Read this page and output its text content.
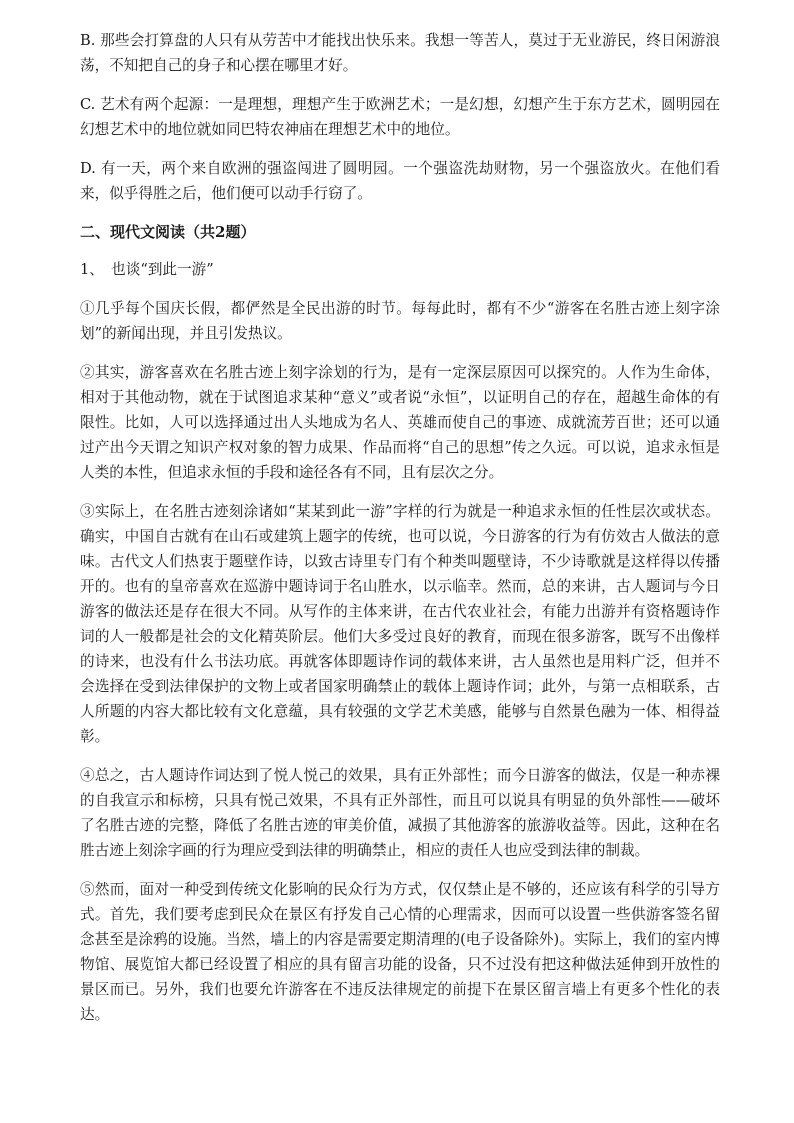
B. 那些会打算盘的人只有从劳苦中才能找出快乐来。我想一等苦人，莫过于无业游民，终日闲游浪荡，不知把自己的身子和心摆在哪里才好。

C. 艺术有两个起源：一是理想，理想产生于欧洲艺术；一是幻想，幻想产生于东方艺术，圆明园在幻想艺术中的地位就如同巴特农神庙在理想艺术中的地位。

D. 有一天，两个来自欧洲的强盗闯进了圆明园。一个强盗洗劫财物，另一个强盗放火。在他们看来，似乎得胜之后，他们便可以动手行窃了。

二、现代文阅读（共2题）

1、　也谈“到此一游”

①几乎每个国庆长假，都俨然是全民出游的时节。每每此时，都有不少“游客在名胜古迹上刻字涂划”的新闻出现，并且引发热议。

②其实，游客喜欢在名胜古迹上刻字涂划的行为，是有一定深层原因可以探究的。人作为生命体，相对于其他动物，就在于试图追求某种“意义”或者说“永恒”，以证明自己的存在，超越生命体的有限性。比如，人可以选择通过出人头地成为名人、英雄而使自己的事迹、成就流芳百世；还可以通过产出今天谓之知识产权对象的智力成果、作品而将“自己的思想”传之久远。可以说，追求永恒是人类的本性，但追求永恒的手段和途径各有不同，且有层次之分。

③实际上，在名胜古迹刻涂诸如“某某到此一游”字样的行为就是一种追求永恒的任性层次或状态。确实，中国自古就有在山石或建筑上题字的传统，也可以说，今日游客的行为有仿效古人做法的意味。古代文人们热衷于题壁作诗，以致古诗里专门有个种类叫题壁诗，不少诗歌就是这样得以传播开的。也有的皇帝喜欢在巡游中题诗词于名山胜水，以示临幸。然而，总的来讲，古人题词与今日游客的做法还是存在很大不同。从写作的主体来讲，在古代农业社会，有能力出游并有资格题诗作词的人一般都是社会的文化精英阶层。他们大多受过良好的教育，而现在很多游客，既写不出像样的诗来，也没有什么书法功底。再就客体即题诗作词的载体来讲，古人虽然也是用料广泛，但并不会选择在受到法律保护的文物上或者国家明确禁止的载体上题诗作词；此外，与第一点相联系，古人所题的内容大都比较有文化意蕴，具有较强的文学艺术美感，能够与自然景色融为一体、相得益彰。

④总之，古人题诗作词达到了悦人悦己的效果，具有正外部性；而今日游客的做法，仅是一种赤裸的自我宣示和标榜，只具有悦己效果，不具有正外部性，而且可以说具有明显的负外部性——破坏了名胜古迹的完整，降低了名胜古迹的审美价值，减损了其他游客的旅游收益等。因此，这种在名胜古迹上刻涂字画的行为理应受到法律的明确禁止，相应的责任人也应受到法律的制裁。

⑤然而，面对一种受到传统文化影响的民众行为方式，仅仅禁止是不够的，还应该有科学的引导方式。首先，我们要考虑到民众在景区有抒发自己心情的心理需求，因而可以设置一些供游客签名留念甚至是涂鸦的设施。当然，墙上的内容是需要定期清理的(电子设备除外)。实际上，我们的室内博物馆、展览馆大都已经设置了相应的具有留言功能的设备，只不过没有把这种做法延伸到开放性的景区而已。另外，我们也要允许游客在不违反法律规定的前提下在景区留言墙上有更多个性化的表达。
